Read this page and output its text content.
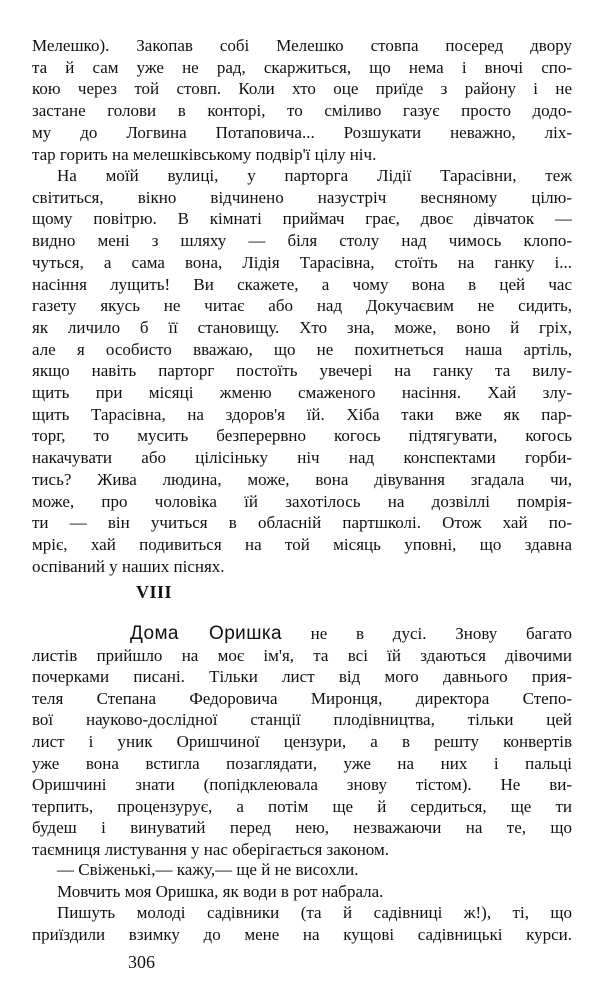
Мелешко). Закопав собі Мелешко стовпа посеред двору
та й сам уже не рад, скаржиться, що нема і вночі спо-
кою через той стовп. Коли хто оце приїде з району і не
застане голови в конторі, то сміливо газує просто додо-
му до Логвина Потаповича... Розшукати неважно, ліх-
тар горить на мелешківському подвір'ї цілу ніч.
На моїй вулиці, у парторга Лідії Тарасівни, теж
світиться, вікно відчинено назустріч весняному цілю-
щому повітрю. В кімнаті приймач грає, двоє дівчаток —
видно мені з шляху — біля столу над чимось клопо-
чуться, а сама вона, Лідія Тарасівна, стоїть на ганку і...
насіння лущить! Ви скажете, а чому вона в цей час
газету якусь не читає або над Докучаєвим не сидить,
як личило б її становищу. Хто зна, може, воно й гріх,
але я особисто вважаю, що не похитнеться наша артіль,
якщо навіть парторг постоїть увечері на ганку та вилу-
щить при місяці жменю смаженого насіння. Хай злу-
щить Тарасівна, на здоров'я їй. Хіба таки вже як пар-
торг, то мусить безперервно когось підтягувати, когось
накачувати або цілісіньку ніч над конспектами горби-
тись? Жива людина, може, вона дівування згадала чи,
може, про чоловіка їй захотілось на дозвіллі помрія-
ти — він учиться в обласній партшколі. Отож хай по-
мріє, хай подивиться на той місяць уповні, що здавна
оспіваний у наших піснях.
VIII
Дома Оришка не в дусі. Знову багато
листів прийшло на моє ім'я, та всі їй здаються дівочими
почерками писані. Тільки лист від мого давнього прия-
теля Степана Федоровича Миронця, директора Степо-
вої науково-дослідної станції плодівництва, тільки цей
лист і уник Оришчиної цензури, а в решту конвертів
уже вона встигла позаглядати, уже на них і пальці
Оришчині знати (попідклеювала знову тістом). Не ви-
терпить, процензурує, а потім ще й сердиться, ще ти
будеш і винуватий перед нею, незважаючи на те, що
таємниця листування у нас оберігається законом.
— Свіженькі,— кажу,— ще й не висохли.
Мовчить моя Оришка, як води в рот набрала.
Пишуть молоді садівники (та й садівниці ж!), ті, що
приїздили взимку до мене на кущові садівницькі курси.
306
